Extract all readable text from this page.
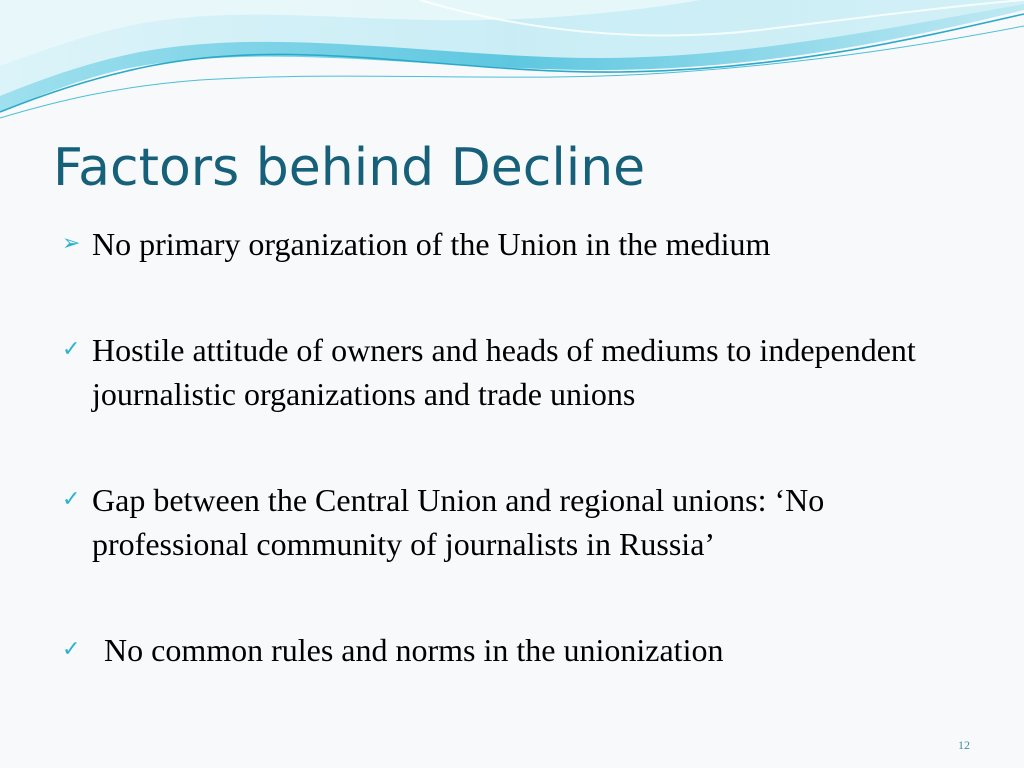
Factors behind Decline
➢ No primary organization of the Union in the medium
✓ Hostile attitude of owners and heads of mediums to independent journalistic organizations and trade unions
✓ Gap between the Central Union and regional unions: ‘No professional community of journalists in Russia’
✓ No common rules and norms in the unionization
12
